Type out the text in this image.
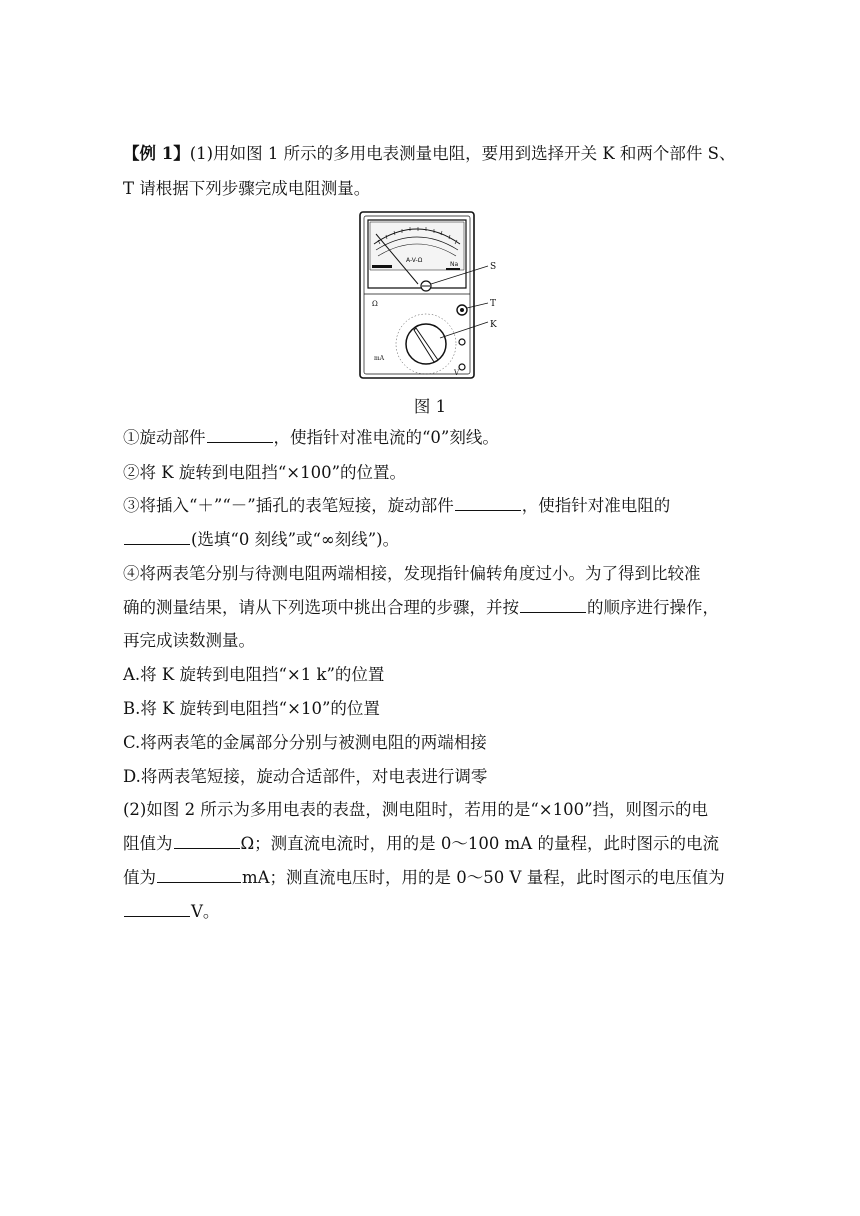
【例 1】(1)用如图 1 所示的多用电表测量电阻，要用到选择开关 K 和两个部件 S、
T 请根据下列步骤完成电阻测量。
A-V-Ω
Na	S
T
K
mA
V
Ω
图 1
①旋动部件	，使指针对准电流的“0”刻线。
②将 K 旋转到电阻挡“×100”的位置。
③将插入“＋”“－”插孔的表笔短接，旋动部件	，使指针对准电阻的
(选填“0 刻线”或“∞刻线”)。
④将两表笔分别与待测电阻两端相接，发现指针偏转角度过小。为了得到比较准
确的测量结果，请从下列选项中挑出合理的步骤，并按	的顺序进行操作，
再完成读数测量。
A.将 K 旋转到电阻挡“×1 k”的位置
B.将 K 旋转到电阻挡“×10”的位置
C.将两表笔的金属部分分别与被测电阻的两端相接
D.将两表笔短接，旋动合适部件，对电表进行调零
(2)如图 2 所示为多用电表的表盘，测电阻时，若用的是“×100”挡，则图示的电
阻值为	Ω；测直流电流时，用的是 0～100 mA 的量程，此时图示的电流
值为	mA；测直流电压时，用的是 0～50 V 量程，此时图示的电压值为
V。
